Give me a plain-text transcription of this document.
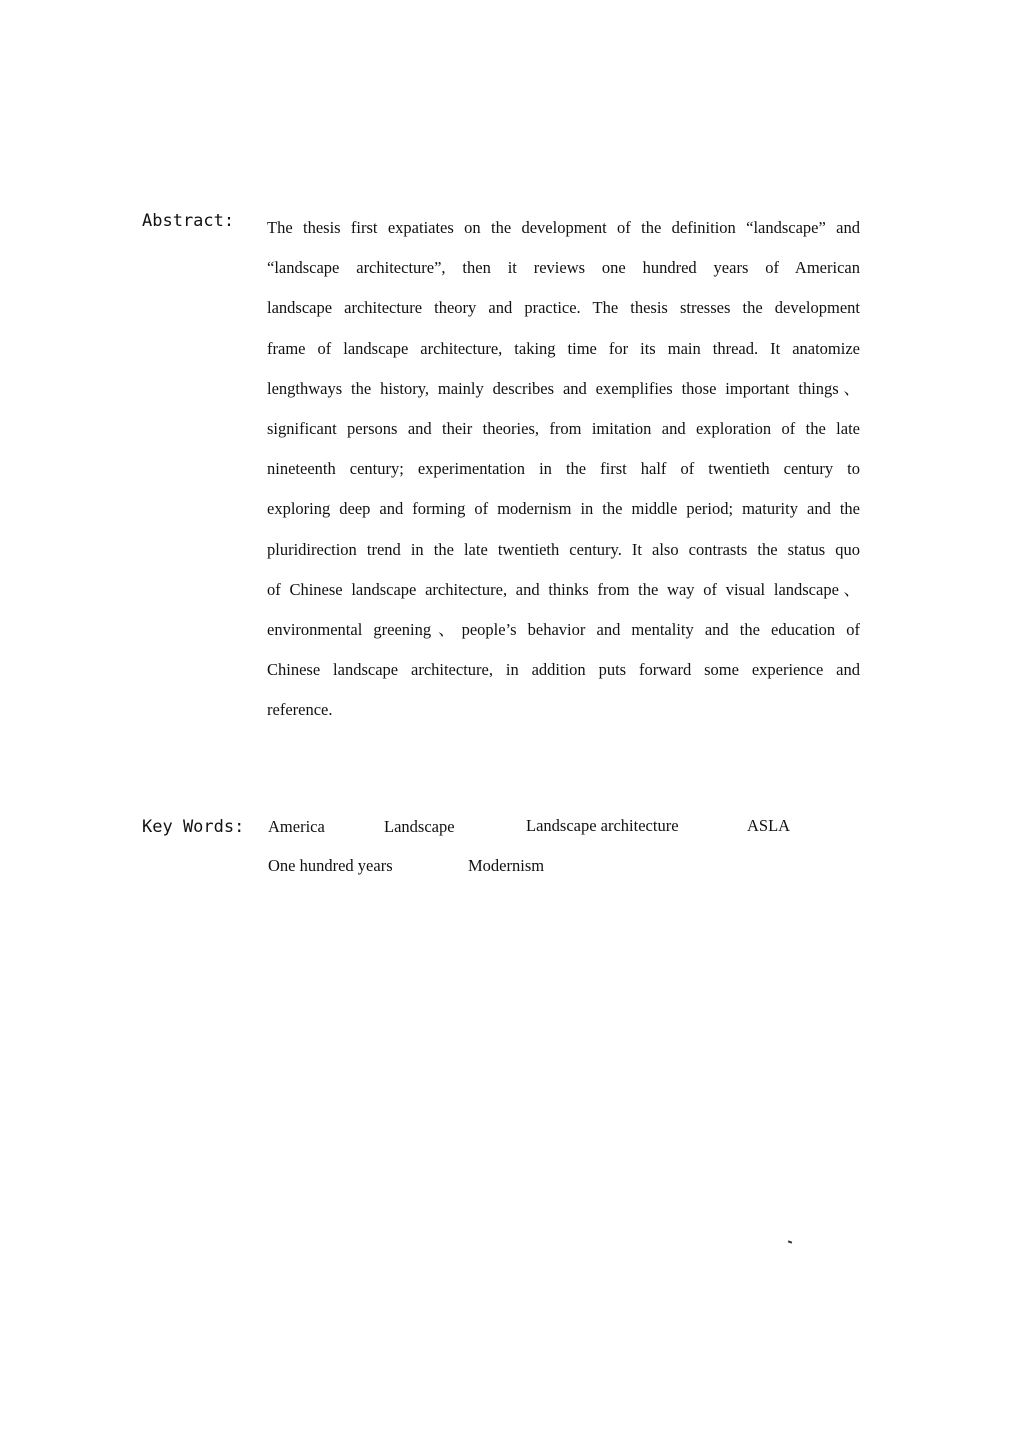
Abstract: The thesis first expatiates on the development of the definition “landscape” and
“landscape architecture”, then it reviews one hundred years of American
landscape architecture theory and practice. The thesis stresses the development
frame of landscape architecture, taking time for its main thread. It anatomize
lengthways the history, mainly describes and exemplifies those important things、
significant persons and their theories, from imitation and exploration of the late
nineteenth century; experimentation in the first half of twentieth century to
exploring deep and forming of modernism in the middle period; maturity and the
pluridirection trend in the late twentieth century. It also contrasts the status quo
of Chinese landscape architecture, and thinks from the way of visual landscape、
environmental greening、people’s behavior and mentality and the education of
Chinese landscape architecture, in addition puts forward some experience and
reference.
Key Words: America	Landscape	Landscape architecture	ASLA
One hundred years	Modernism
